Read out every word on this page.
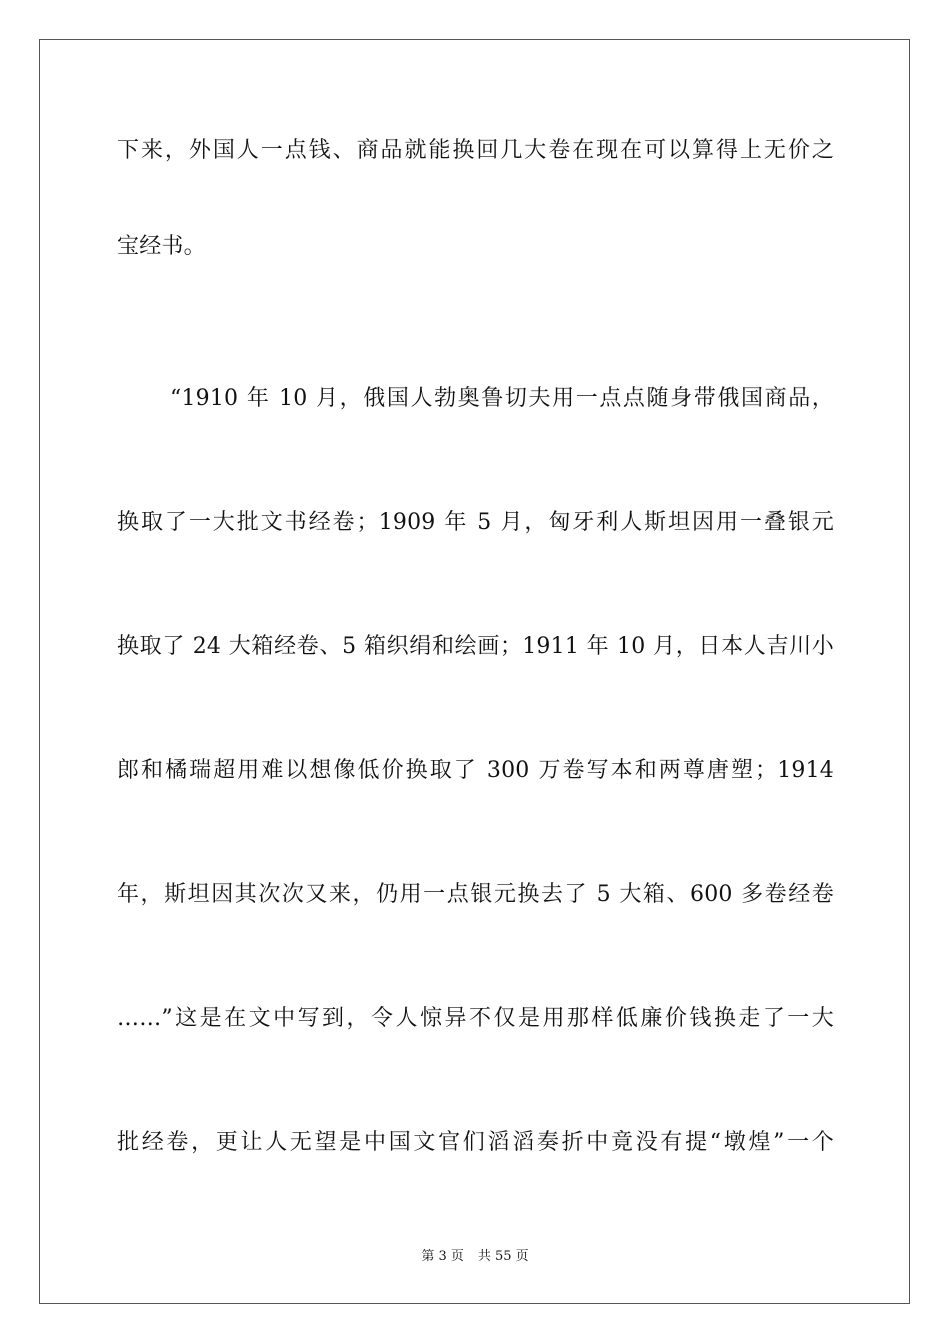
下来，外国人一点钱、商品就能换回几大卷在现在可以算得上无价之
宝经书。
“1910 年 10 月，俄国人勃奥鲁切夫用一点点随身带俄国商品，
换取了一大批文书经卷；1909 年 5 月，匈牙利人斯坦因用一叠银元
换取了 24 大箱经卷、5 箱织绢和绘画；1911 年 10 月，日本人吉川小
郎和橘瑞超用难以想像低价换取了 300 万卷写本和两尊唐塑；1914
年，斯坦因其次次又来，仍用一点银元换去了 5 大箱、600 多卷经卷
……”这是在文中写到，令人惊异不仅是用那样低廉价钱换走了一大
批经卷，更让人无望是中国文官们滔滔奏折中竟没有提“墩煌”一个
第 3 页 共 55 页
